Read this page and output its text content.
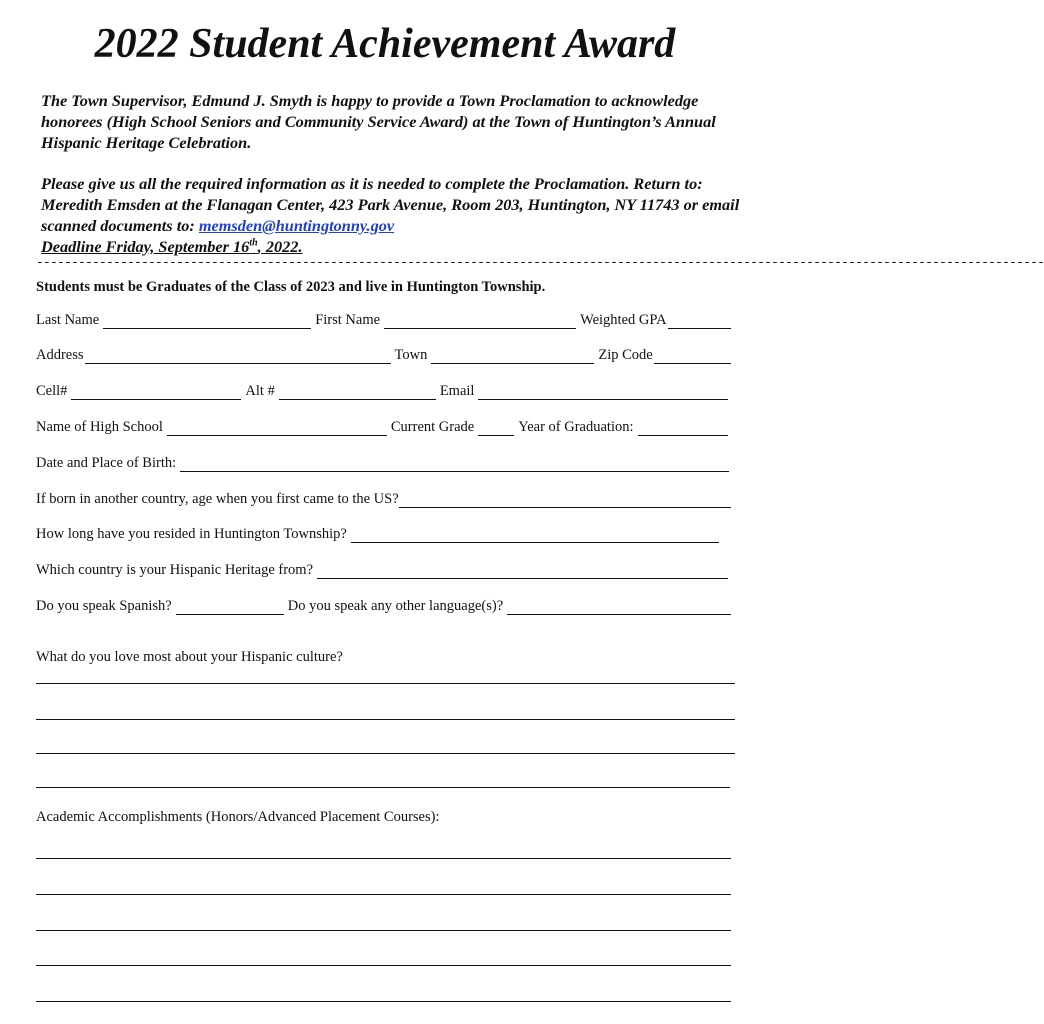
2022 Student Achievement Award

The Town Supervisor, Edmund J. Smyth is happy to provide a Town Proclamation to acknowledge honorees (High School Seniors and Community Service Award) at the Town of Huntington’s Annual Hispanic Heritage Celebration.

Please give us all the required information as it is needed to complete the Proclamation. Return to: Meredith Emsden at the Flanagan Center, 423 Park Avenue, Room 203, Huntington, NY 11743 or email scanned documents to: memsden@huntingtonny.gov
Deadline Friday, September 16th, 2022.

------------------------------------------------------------------------------------------------------------------------------------------------
Students must be Graduates of the Class of 2023 and live in Huntington Township.
Last Name	First Name	Weighted GPA
Address	Town	Zip Code
Cell#	Alt #	Email
Name of High School	Current Grade	Year of Graduation:
Date and Place of Birth:
If born in another country, age when you first came to the US?
How long have you resided in Huntington Township?
Which country is your Hispanic Heritage from?
Do you speak Spanish?	Do you speak any other language(s)?
What do you love most about your Hispanic culture?
Academic Accomplishments (Honors/Advanced Placement Courses):
